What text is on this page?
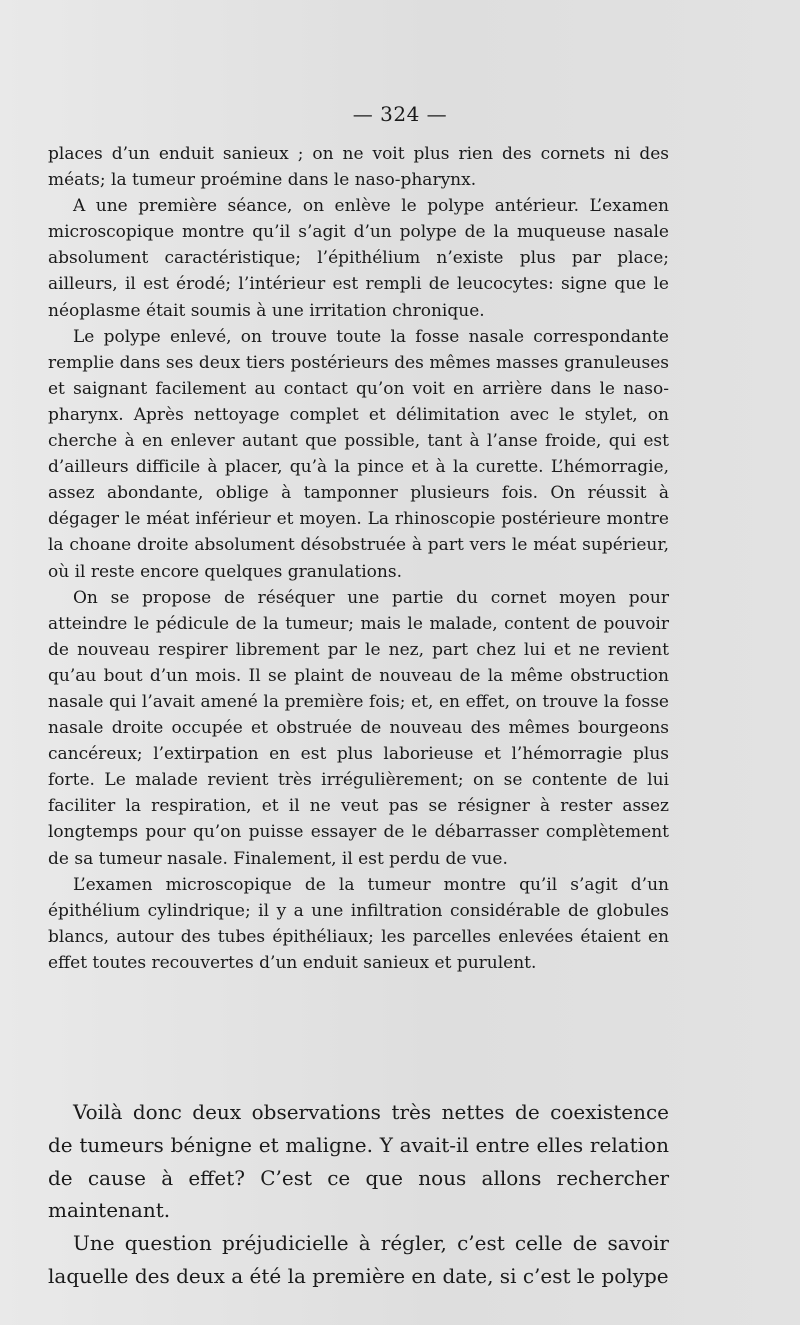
— 324 —

places d’un enduit sanieux ; on ne voit plus rien des cornets ni des méats; la tumeur proémine dans le naso-pharynx.

A une première séance, on enlève le polype antérieur. L’examen microscopique montre qu’il s’agit d’un polype de la muqueuse nasale absolument caractéristique; l’épithélium n’existe plus par place; ailleurs, il est érodé; l’intérieur est rempli de leucocytes: signe que le néoplasme était soumis à une irritation chronique.

Le polype enlevé, on trouve toute la fosse nasale correspondante remplie dans ses deux tiers postérieurs des mêmes masses granuleuses et saignant facilement au contact qu’on voit en arrière dans le naso-pharynx. Après nettoyage complet et délimitation avec le stylet, on cherche à en enlever autant que possible, tant à l’anse froide, qui est d’ailleurs difficile à placer, qu’à la pince et à la curette. L’hémorragie, assez abondante, oblige à tamponner plusieurs fois. On réussit à dégager le méat inférieur et moyen. La rhinoscopie postérieure montre la choane droite absolument désobstruée à part vers le méat supérieur, où il reste encore quelques granulations.

On se propose de réséquer une partie du cornet moyen pour atteindre le pédicule de la tumeur; mais le malade, content de pouvoir de nouveau respirer librement par le nez, part chez lui et ne revient qu’au bout d’un mois. Il se plaint de nouveau de la même obstruction nasale qui l’avait amené la première fois; et, en effet, on trouve la fosse nasale droite occupée et obstruée de nouveau des mêmes bourgeons cancéreux; l’extirpation en est plus laborieuse et l’hémorragie plus forte. Le malade revient très irrégulièrement; on se contente de lui faciliter la respiration, et il ne veut pas se résigner à rester assez longtemps pour qu’on puisse essayer de le débarrasser complètement de sa tumeur nasale. Finalement, il est perdu de vue.

L’examen microscopique de la tumeur montre qu’il s’agit d’un épithélium cylindrique; il y a une infiltration considérable de globules blancs, autour des tubes épithéliaux; les parcelles enlevées étaient en effet toutes recouvertes d’un enduit sanieux et purulent.

Voilà donc deux observations très nettes de coexistence de tumeurs bénigne et maligne. Y avait-il entre elles relation de cause à effet? C’est ce que nous allons rechercher maintenant.

Une question préjudicielle à régler, c’est celle de savoir laquelle des deux a été la première en date, si c’est le polype
